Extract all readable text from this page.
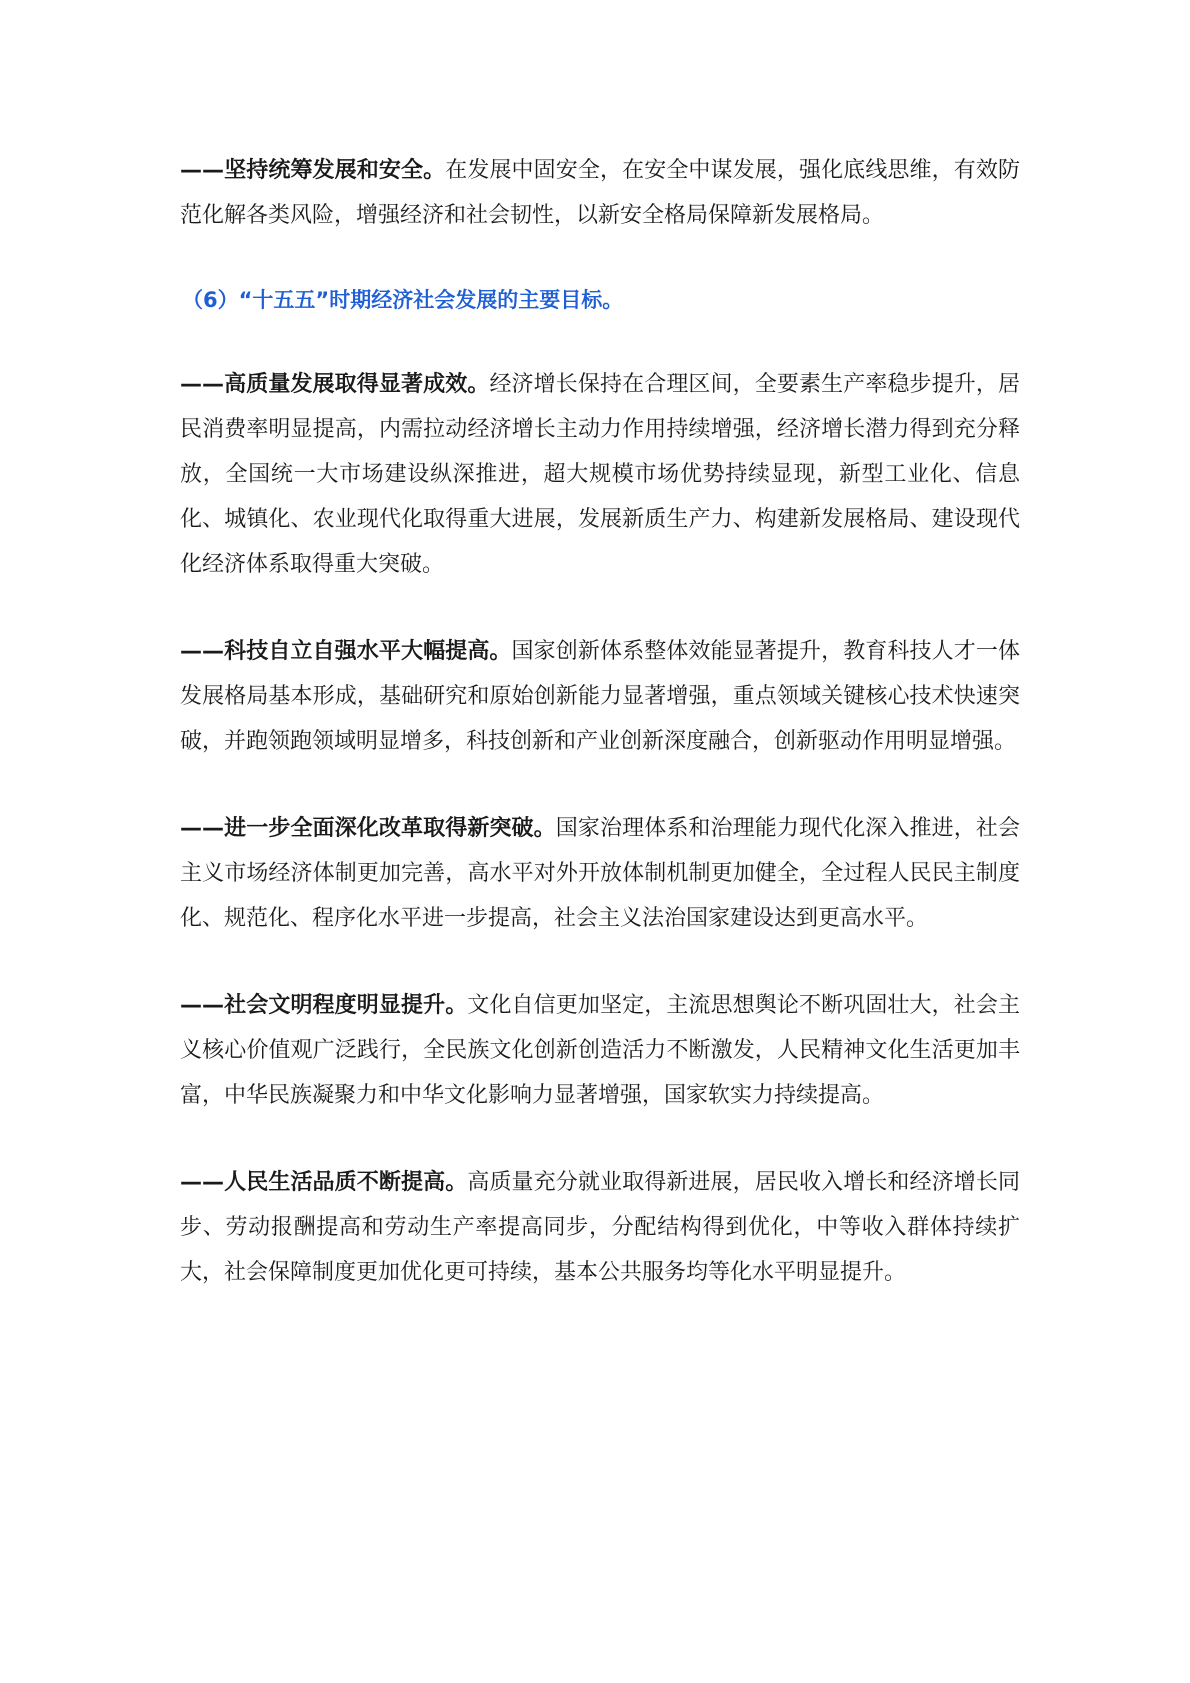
——坚持统筹发展和安全。在发展中固安全，在安全中谋发展，强化底线思维，有效防范化解各类风险，增强经济和社会韧性，以新安全格局保障新发展格局。

（6）“十五五”时期经济社会发展的主要目标。

——高质量发展取得显著成效。经济增长保持在合理区间，全要素生产率稳步提升，居民消费率明显提高，内需拉动经济增长主动力作用持续增强，经济增长潜力得到充分释放，全国统一大市场建设纵深推进，超大规模市场优势持续显现，新型工业化、信息化、城镇化、农业现代化取得重大进展，发展新质生产力、构建新发展格局、建设现代化经济体系取得重大突破。

——科技自立自强水平大幅提高。国家创新体系整体效能显著提升，教育科技人才一体发展格局基本形成，基础研究和原始创新能力显著增强，重点领域关键核心技术快速突破，并跑领跑领域明显增多，科技创新和产业创新深度融合，创新驱动作用明显增强。

——进一步全面深化改革取得新突破。国家治理体系和治理能力现代化深入推进，社会主义市场经济体制更加完善，高水平对外开放体制机制更加健全，全过程人民民主制度化、规范化、程序化水平进一步提高，社会主义法治国家建设达到更高水平。

——社会文明程度明显提升。文化自信更加坚定，主流思想舆论不断巩固壮大，社会主义核心价值观广泛践行，全民族文化创新创造活力不断激发，人民精神文化生活更加丰富，中华民族凝聚力和中华文化影响力显著增强，国家软实力持续提高。

——人民生活品质不断提高。高质量充分就业取得新进展，居民收入增长和经济增长同步、劳动报酬提高和劳动生产率提高同步，分配结构得到优化，中等收入群体持续扩大，社会保障制度更加优化更可持续，基本公共服务均等化水平明显提升。
